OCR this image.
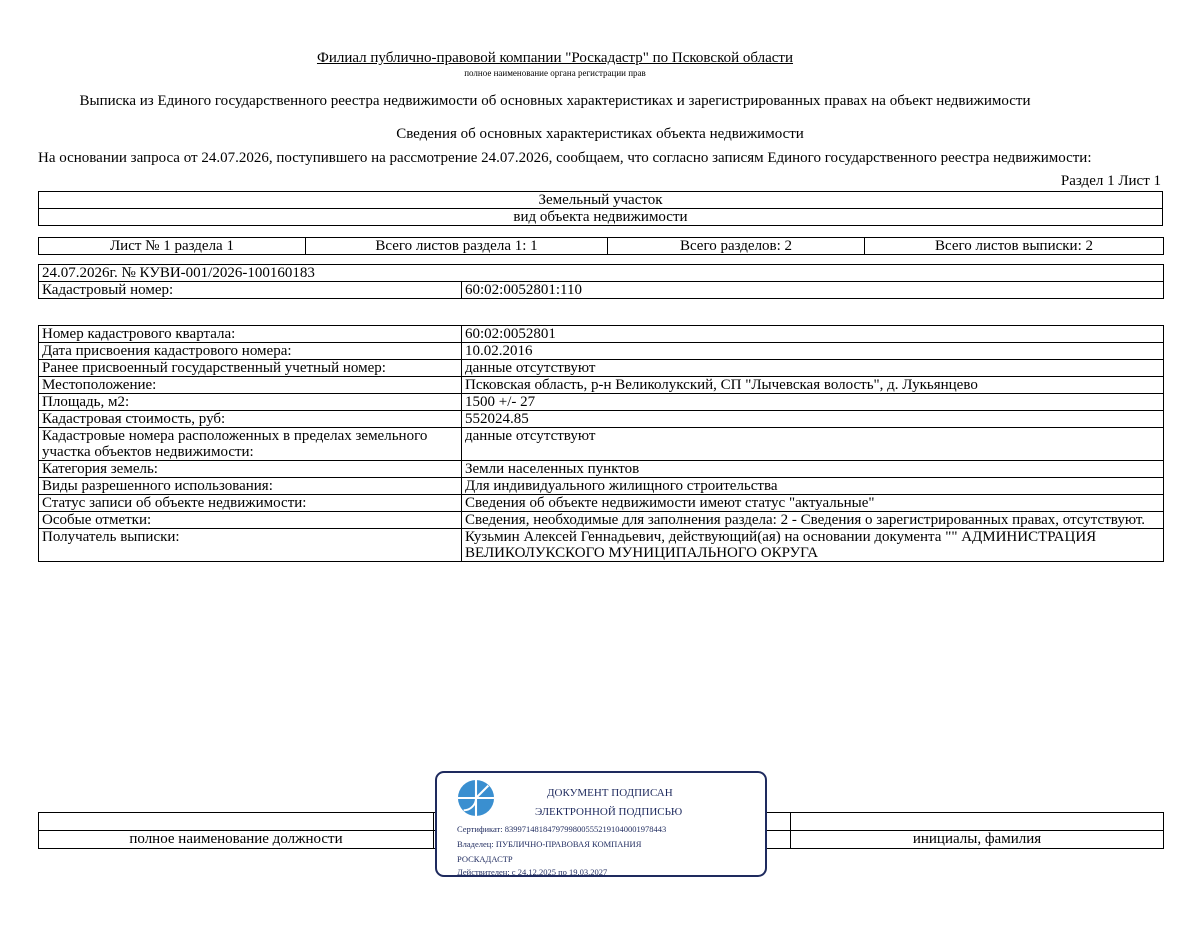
Филиал публично-правовой компании "Роскадастр" по Псковской области
полное наименование органа регистрации прав
Выписка из Единого государственного реестра недвижимости об основных характеристиках и зарегистрированных правах на объект недвижимости
Сведения об основных характеристиках объекта недвижимости
На основании запроса от 24.07.2026, поступившего на рассмотрение 24.07.2026, сообщаем, что согласно записям Единого государственного реестра недвижимости:
Раздел 1 Лист 1
Земельный участок
вид объекта недвижимости
Лист № 1 раздела 1	Всего листов раздела 1: 1	Всего разделов: 2	Всего листов выписки: 2
24.07.2026г. № КУВИ-001/2026-100160183
Кадастровый номер:	60:02:0052801:110
Номер кадастрового квартала:	60:02:0052801
Дата присвоения кадастрового номера:	10.02.2016
Ранее присвоенный государственный учетный номер:	данные отсутствуют
Местоположение:	Псковская область, р-н Великолукский, СП "Лычевская волость", д. Лукьянцево
Площадь, м2:	1500 +/- 27
Кадастровая стоимость, руб:	552024.85
Кадастровые номера расположенных в пределах земельного участка объектов недвижимости:	данные отсутствуют
Категория земель:	Земли населенных пунктов
Виды разрешенного использования:	Для индивидуального жилищного строительства
Статус записи об объекте недвижимости:	Сведения об объекте недвижимости имеют статус "актуальные"
Особые отметки:	Сведения, необходимые для заполнения раздела: 2 - Сведения о зарегистрированных правах, отсутствуют.
Получатель выписки:	Кузьмин Алексей Геннадьевич, действующий(ая) на основании документа "" АДМИНИСТРАЦИЯ ВЕЛИКОЛУКСКОГО МУНИЦИПАЛЬНОГО ОКРУГА

полное наименование должности		инициалы, фамилия
ДОКУМЕНТ ПОДПИСАН
ЭЛЕКТРОННОЙ ПОДПИСЬЮ
Сертификат: 83997148184797998005552191040001978443
Владелец: ПУБЛИЧНО-ПРАВОВАЯ КОМПАНИЯ
РОСКАДАСТР
Действителен: с 24.12.2025 по 19.03.2027
